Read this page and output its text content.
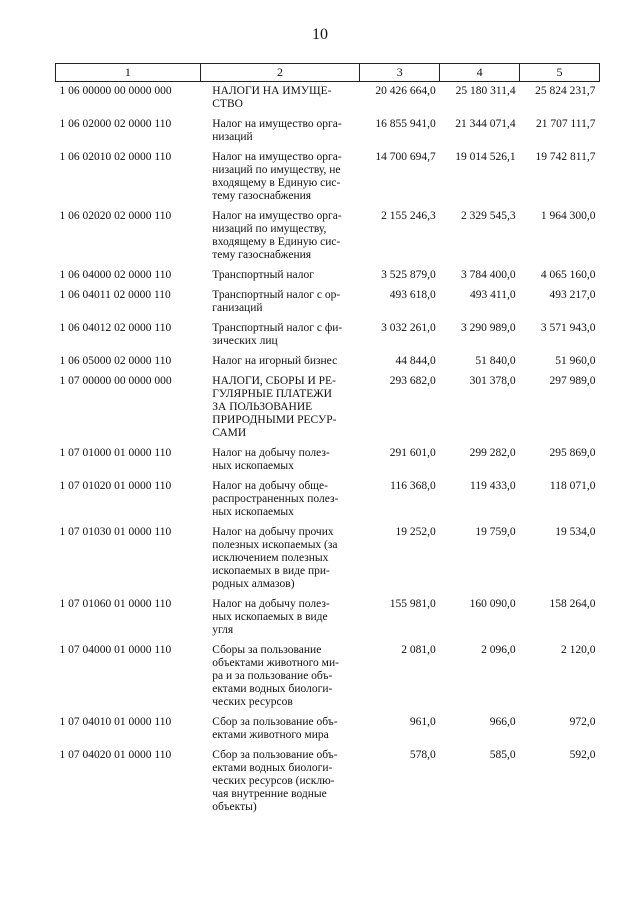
10
1	2	3	4	5
1 06 00000 00 0000 000	НАЛОГИ НА ИМУЩЕ-
СТВО	20 426 664,0	25 180 311,4	25 824 231,7
1 06 02000 02 0000 110	Налог на имущество орга-
низаций	16 855 941,0	21 344 071,4	21 707 111,7
1 06 02010 02 0000 110	Налог на имущество орга-
низаций по имуществу, не
входящему в Единую сис-
тему газоснабжения	14 700 694,7	19 014 526,1	19 742 811,7
1 06 02020 02 0000 110	Налог на имущество орга-
низаций по имуществу,
входящему в Единую сис-
тему газоснабжения	2 155 246,3	2 329 545,3	1 964 300,0
1 06 04000 02 0000 110	Транспортный налог	3 525 879,0	3 784 400,0	4 065 160,0
1 06 04011 02 0000 110	Транспортный налог с ор-
ганизаций	493 618,0	493 411,0	493 217,0
1 06 04012 02 0000 110	Транспортный налог с фи-
зических лиц	3 032 261,0	3 290 989,0	3 571 943,0
1 06 05000 02 0000 110	Налог на игорный бизнес	44 844,0	51 840,0	51 960,0
1 07 00000 00 0000 000	НАЛОГИ, СБОРЫ И РЕ-
ГУЛЯРНЫЕ ПЛАТЕЖИ
ЗА ПОЛЬЗОВАНИЕ
ПРИРОДНЫМИ РЕСУР-
САМИ	293 682,0	301 378,0	297 989,0
1 07 01000 01 0000 110	Налог на добычу полез-
ных ископаемых	291 601,0	299 282,0	295 869,0
1 07 01020 01 0000 110	Налог на добычу обще-
распространенных полез-
ных ископаемых	116 368,0	119 433,0	118 071,0
1 07 01030 01 0000 110	Налог на добычу прочих
полезных ископаемых (за
исключением полезных
ископаемых в виде при-
родных алмазов)	19 252,0	19 759,0	19 534,0
1 07 01060 01 0000 110	Налог на добычу полез-
ных ископаемых в виде
угля	155 981,0	160 090,0	158 264,0
1 07 04000 01 0000 110	Сборы за пользование
объектами животного ми-
ра и за пользование объ-
ектами водных биологи-
ческих ресурсов	2 081,0	2 096,0	2 120,0
1 07 04010 01 0000 110	Сбор за пользование объ-
ектами животного мира	961,0	966,0	972,0
1 07 04020 01 0000 110	Сбор за пользование объ-
ектами водных биологи-
ческих ресурсов (исклю-
чая внутренние водные
объекты)	578,0	585,0	592,0
